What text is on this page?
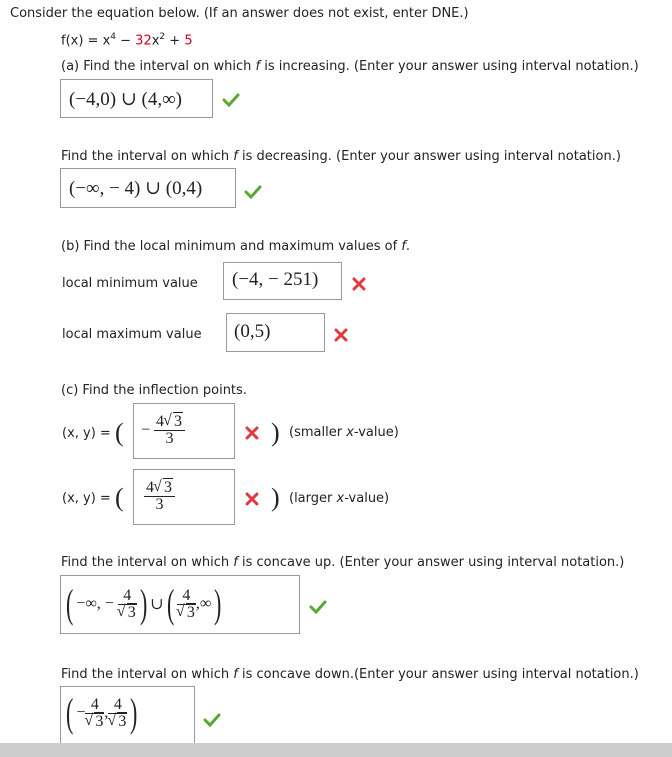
Consider the equation below. (If an answer does not exist, enter DNE.)
$f(x) = x^4 - 32x^2 + 5$
(a) Find the interval on which f is increasing. (Enter your answer using interval notation.)
(−4,0) ∪ (4,∞)
Find the interval on which f is decreasing. (Enter your answer using interval notation.)
(−∞, − 4) ∪ (0,4)
(b) Find the local minimum and maximum values of f.
local minimum value (−4, − 251)
local maximum value (0,5)
(c) Find the inflection points.
(x, y) = ( − $\frac{4 √ 3}{3}$	) (smaller x-value)
(x, y) = ( $\frac{4 √ 3}{3}$	) (larger x-value)
Find the interval on which f is concave up. (Enter your answer using interval notation.)
( −∞, − 4
√ 3 ) ∪( 4
√ 3 ,∞)
Find the interval on which f is concave down.(Enter your answer using interval notation.)
( − 4
√ 3 , 4
√ 3 )
